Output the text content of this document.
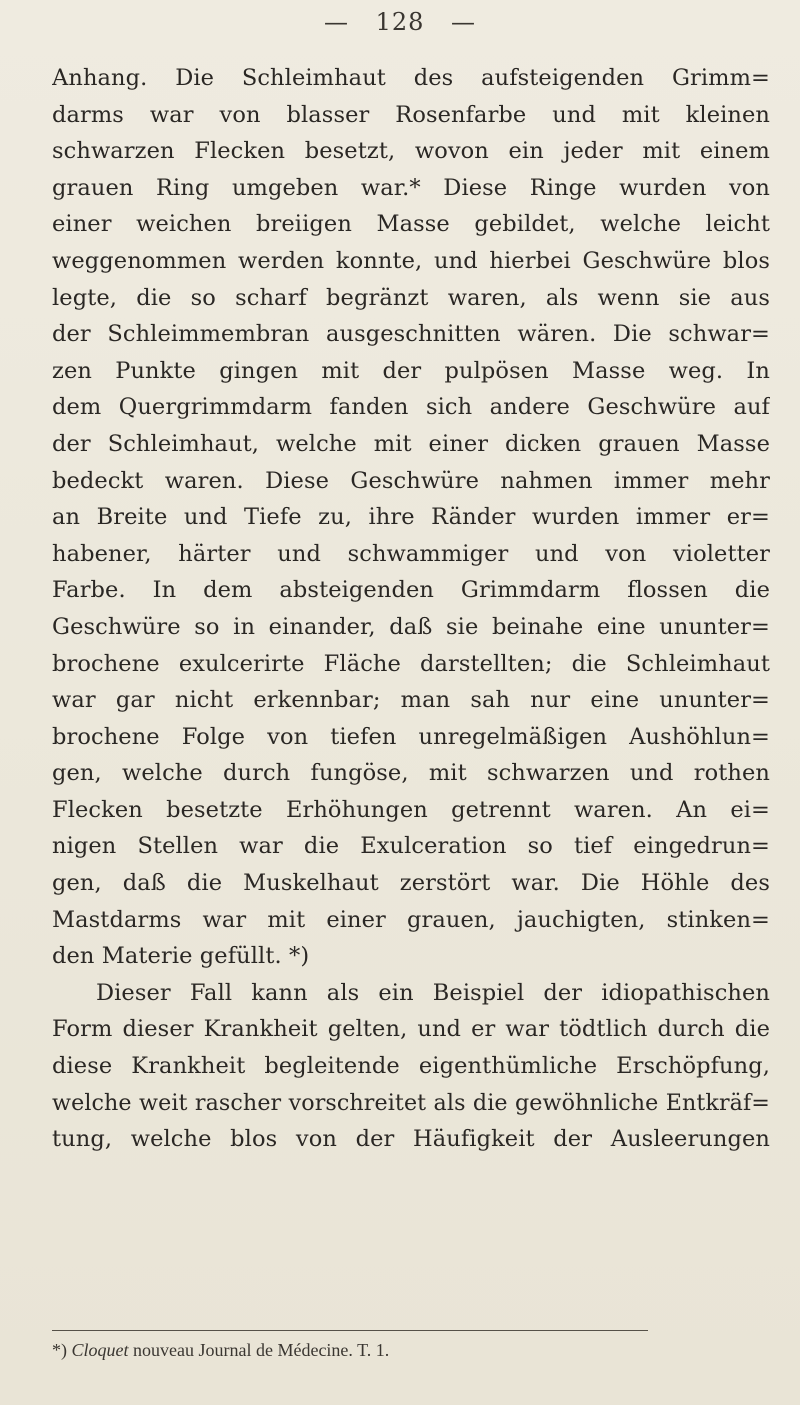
— 128 —
Anhang. Die Schleimhaut des aufsteigenden Grimm=
darms war von blasser Rosenfarbe und mit kleinen
schwarzen Flecken besetzt, wovon ein jeder mit einem
grauen Ring umgeben war.* Diese Ringe wurden von
einer weichen breiigen Masse gebildet, welche leicht
weggenommen werden konnte, und hierbei Geschwüre blos
legte, die so scharf begränzt waren, als wenn sie aus
der Schleimmembran ausgeschnitten wären. Die schwar=
zen Punkte gingen mit der pulpösen Masse weg. In
dem Quergrimmdarm fanden sich andere Geschwüre auf
der Schleimhaut, welche mit einer dicken grauen Masse
bedeckt waren. Diese Geschwüre nahmen immer mehr
an Breite und Tiefe zu, ihre Ränder wurden immer er=
habener, härter und schwammiger und von violetter
Farbe. In dem absteigenden Grimmdarm flossen die
Geschwüre so in einander, daß sie beinahe eine ununter=
brochene exulcerirte Fläche darstellten; die Schleimhaut
war gar nicht erkennbar; man sah nur eine ununter=
brochene Folge von tiefen unregelmäßigen Aushöhlun=
gen, welche durch fungöse, mit schwarzen und rothen
Flecken besetzte Erhöhungen getrennt waren. An ei=
nigen Stellen war die Exulceration so tief eingedrun=
gen, daß die Muskelhaut zerstört war. Die Höhle des
Mastdarms war mit einer grauen, jauchigten, stinken=
den Materie gefüllt. *)
Dieser Fall kann als ein Beispiel der idiopathischen
Form dieser Krankheit gelten, und er war tödtlich durch die
diese Krankheit begleitende eigenthümliche Erschöpfung,
welche weit rascher vorschreitet als die gewöhnliche Entkräf=
tung, welche blos von der Häufigkeit der Ausleerungen
*) Cloquet nouveau Journal de Médecine. T. 1.
